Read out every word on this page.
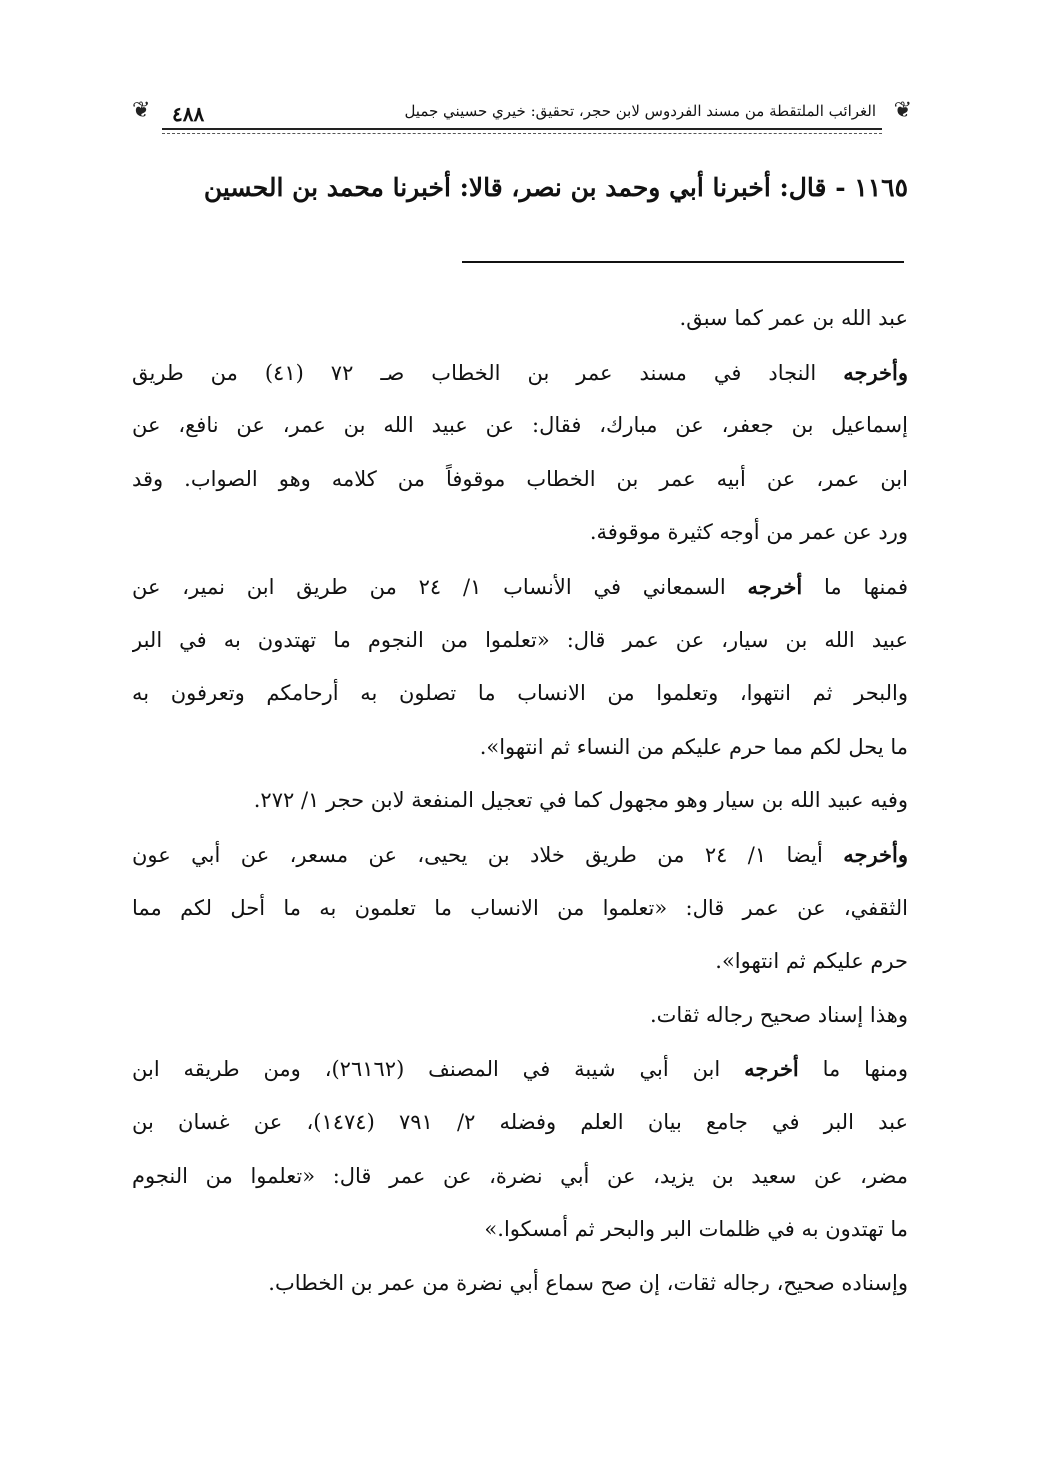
❦
الغرائب الملتقطة من مسند الفردوس لابن حجر، تحقيق: خيري حسيني جميل
٤٨٨
❦
١١٦٥ - قال: أخبرنا أبي وحمد بن نصر، قالا: أخبرنا محمد بن الحسين
عبد الله بن عمر كما سبق.
وأخرجه النجاد في مسند عمر بن الخطاب صـ ٧٢ (٤١) من طريق
إسماعيل بن جعفر، عن مبارك، فقال: عن عبيد الله بن عمر، عن نافع، عن
ابن عمر، عن أبيه عمر بن الخطاب موقوفاً من كلامه وهو الصواب. وقد
ورد عن عمر من أوجه كثيرة موقوفة.
فمنها ما أخرجه السمعاني في الأنساب ١/ ٢٤ من طريق ابن نمير، عن
عبيد الله بن سيار، عن عمر قال: «تعلموا من النجوم ما تهتدون به في البر
والبحر ثم انتهوا، وتعلموا من الانساب ما تصلون به أرحامكم وتعرفون به
ما يحل لكم مما حرم عليكم من النساء ثم انتهوا».
وفيه عبيد الله بن سيار وهو مجهول كما في تعجيل المنفعة لابن حجر ١/ ٢٧٢.
وأخرجه أيضا ١/ ٢٤ من طريق خلاد بن يحيى، عن مسعر، عن أبي عون
الثقفي، عن عمر قال: «تعلموا من الانساب ما تعلمون به ما أحل لكم مما
حرم عليكم ثم انتهوا».
وهذا إسناد صحيح رجاله ثقات.
ومنها ما أخرجه ابن أبي شيبة في المصنف (٢٦١٦٢)، ومن طريقه ابن
عبد البر في جامع بيان العلم وفضله ٢/ ٧٩١ (١٤٧٤)، عن غسان بن
مضر، عن سعيد بن يزيد، عن أبي نضرة، عن عمر قال: «تعلموا من النجوم
ما تهتدون به في ظلمات البر والبحر ثم أمسكوا.»
وإسناده صحيح، رجاله ثقات، إن صح سماع أبي نضرة من عمر بن الخطاب.
